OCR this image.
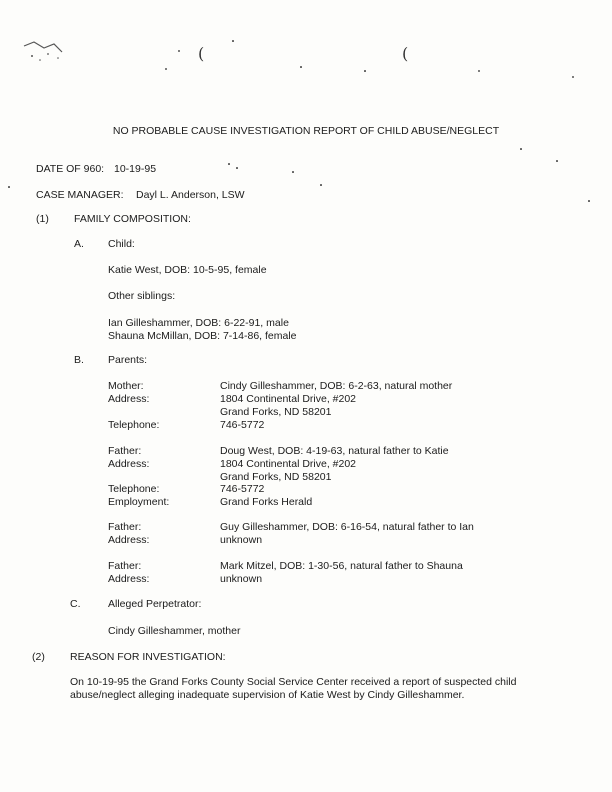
(	(
NO PROBABLE CAUSE INVESTIGATION REPORT OF CHILD ABUSE/NEGLECT
DATE OF 960: 10-19-95
CASE MANAGER: Dayl L. Anderson, LSW
(1) FAMILY COMPOSITION:
A. Child:
Katie West, DOB: 10-5-95, female
Other siblings:
Ian Gilleshammer, DOB: 6-22-91, male
Shauna McMillan, DOB: 7-14-86, female
B. Parents:
Mother:	Cindy Gilleshammer, DOB: 6-2-63, natural mother
Address:	1804 Continental Drive, #202
Grand Forks, ND 58201
Telephone:	746-5772
Father:	Doug West, DOB: 4-19-63, natural father to Katie
Address:	1804 Continental Drive, #202
Grand Forks, ND 58201
Telephone:	746-5772
Employment:	Grand Forks Herald
Father:	Guy Gilleshammer, DOB: 6-16-54, natural father to Ian
Address:	unknown
Father:	Mark Mitzel, DOB: 1-30-56, natural father to Shauna
Address:	unknown
C.	Alleged Perpetrator:
Cindy Gilleshammer, mother
(2) REASON FOR INVESTIGATION:
On 10-19-95 the Grand Forks County Social Service Center received a report of suspected child abuse/neglect alleging inadequate supervision of Katie West by Cindy Gilleshammer.
